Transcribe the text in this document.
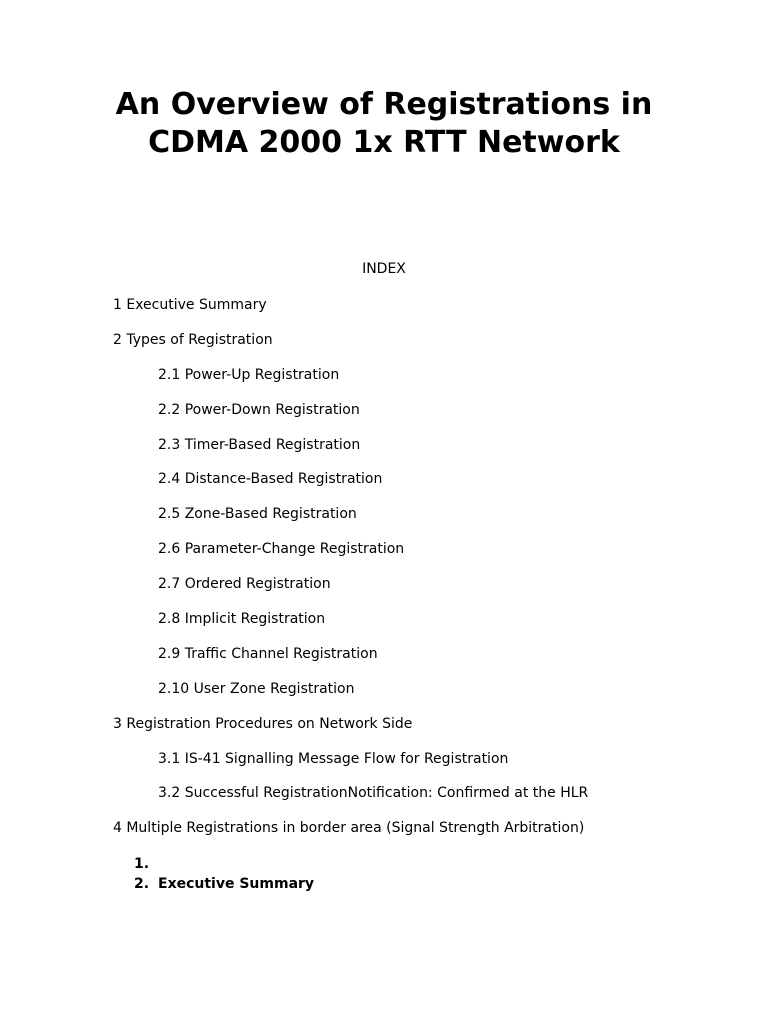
An Overview of Registrations in
CDMA 2000 1x RTT Network

INDEX

1 Executive Summary
2 Types of Registration
2.1 Power-Up Registration
2.2 Power-Down Registration
2.3 Timer-Based Registration
2.4 Distance-Based Registration
2.5 Zone-Based Registration
2.6 Parameter-Change Registration
2.7 Ordered Registration
2.8 Implicit Registration
2.9 Traffic Channel Registration
2.10 User Zone Registration
3 Registration Procedures on Network Side
3.1 IS-41 Signalling Message Flow for Registration
3.2 Successful RegistrationNotification: Confirmed at the HLR
4 Multiple Registrations in border area (Signal Strength Arbitration)
1.
2. Executive Summary
